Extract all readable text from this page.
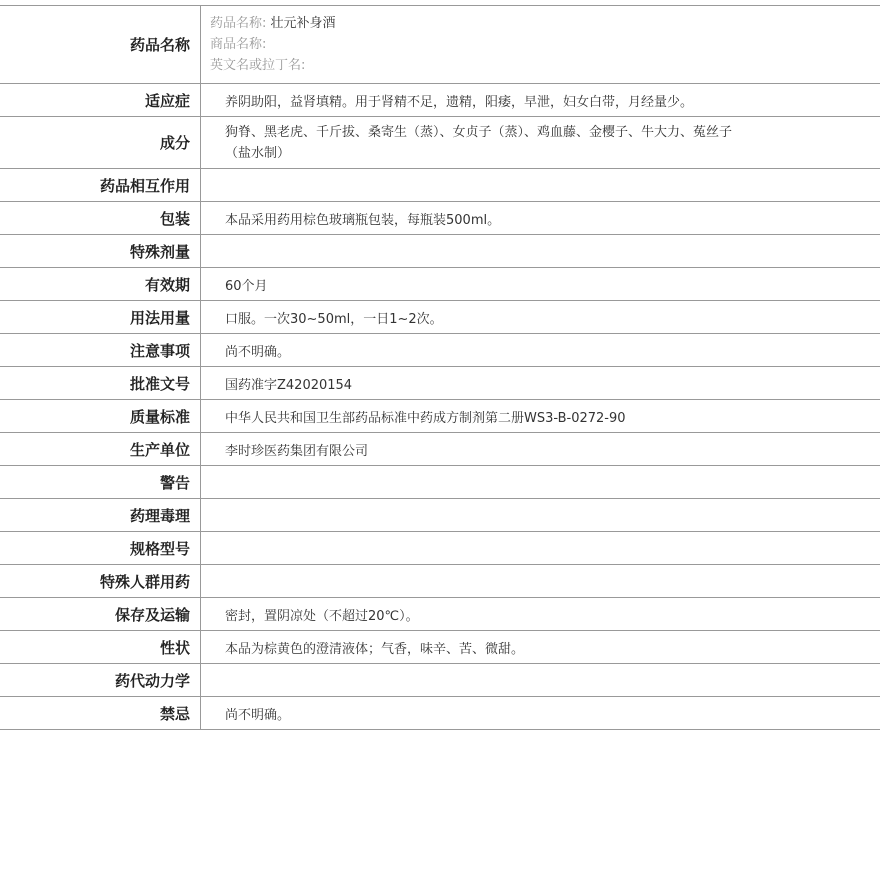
药品名称	药品名称: 壮元补身酒
商品名称:
英文名或拉丁名:

适应症	养阴助阳，益肾填精。用于肾精不足，遗精，阳痿，早泄，妇女白带，月经量少。
成分	狗脊、黑老虎、千斤拔、桑寄生（蒸）、女贞子（蒸）、鸡血藤、金樱子、牛大力、菟丝子
（盐水制）

药品相互作用	
包装	本品采用药用棕色玻璃瓶包装，每瓶装500ml。
特殊剂量	
有效期	60个月
用法用量	口服。一次30~50ml，一日1~2次。
注意事项	尚不明确。
批准文号	国药准字Z42020154
质量标准	中华人民共和国卫生部药品标准中药成方制剂第二册WS3-B-0272-90
生产单位	李时珍医药集团有限公司
警告	
药理毒理	
规格型号	
特殊人群用药	
保存及运输	密封，置阴凉处（不超过20℃）。
性状	本品为棕黄色的澄清液体；气香，味辛、苦、微甜。
药代动力学	
禁忌	尚不明确。
